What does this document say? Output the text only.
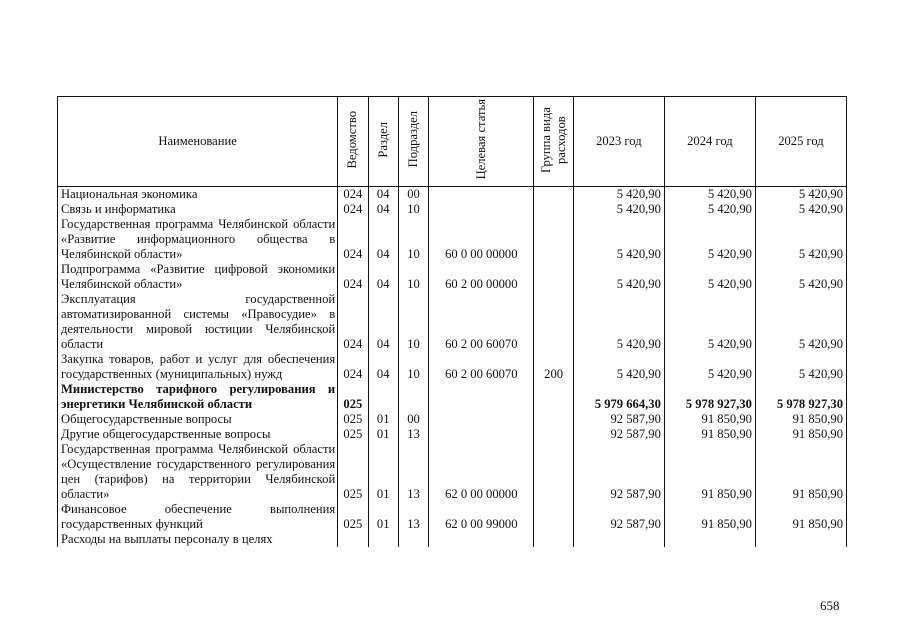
Наименование	Ведомство	Раздел	Подраздел	Целевая статья	Группа вида расходов	2023 год	2024 год	2025 год
Национальная экономика	024	04	00			5 420,90	5 420,90	5 420,90
Связь и информатика	024	04	10			5 420,90	5 420,90	5 420,90
Государственная программа Челябинской области «Развитие информационного общества в Челябинской области»	024	04	10	60 0 00 00000		5 420,90	5 420,90	5 420,90
Подпрограмма «Развитие цифровой экономики Челябинской области»	024	04	10	60 2 00 00000		5 420,90	5 420,90	5 420,90
Эксплуатация государственной автоматизированной системы «Правосудие» в деятельности мировой юстиции Челябинской области	024	04	10	60 2 00 60070		5 420,90	5 420,90	5 420,90
Закупка товаров, работ и услуг для обеспечения государственных (муниципальных) нужд	024	04	10	60 2 00 60070	200	5 420,90	5 420,90	5 420,90
Министерство тарифного регулирования и энергетики Челябинской области	025					5 979 664,30	5 978 927,30	5 978 927,30
Общегосударственные вопросы	025	01	00			92 587,90	91 850,90	91 850,90
Другие общегосударственные вопросы	025	01	13			92 587,90	91 850,90	91 850,90
Государственная программа Челябинской области «Осуществление государственного регулирования цен (тарифов) на территории Челябинской области»	025	01	13	62 0 00 00000		92 587,90	91 850,90	91 850,90
Финансовое обеспечение выполнения государственных функций	025	01	13	62 0 00 99000		92 587,90	91 850,90	91 850,90
Расходы на выплаты персоналу в целях								
658
